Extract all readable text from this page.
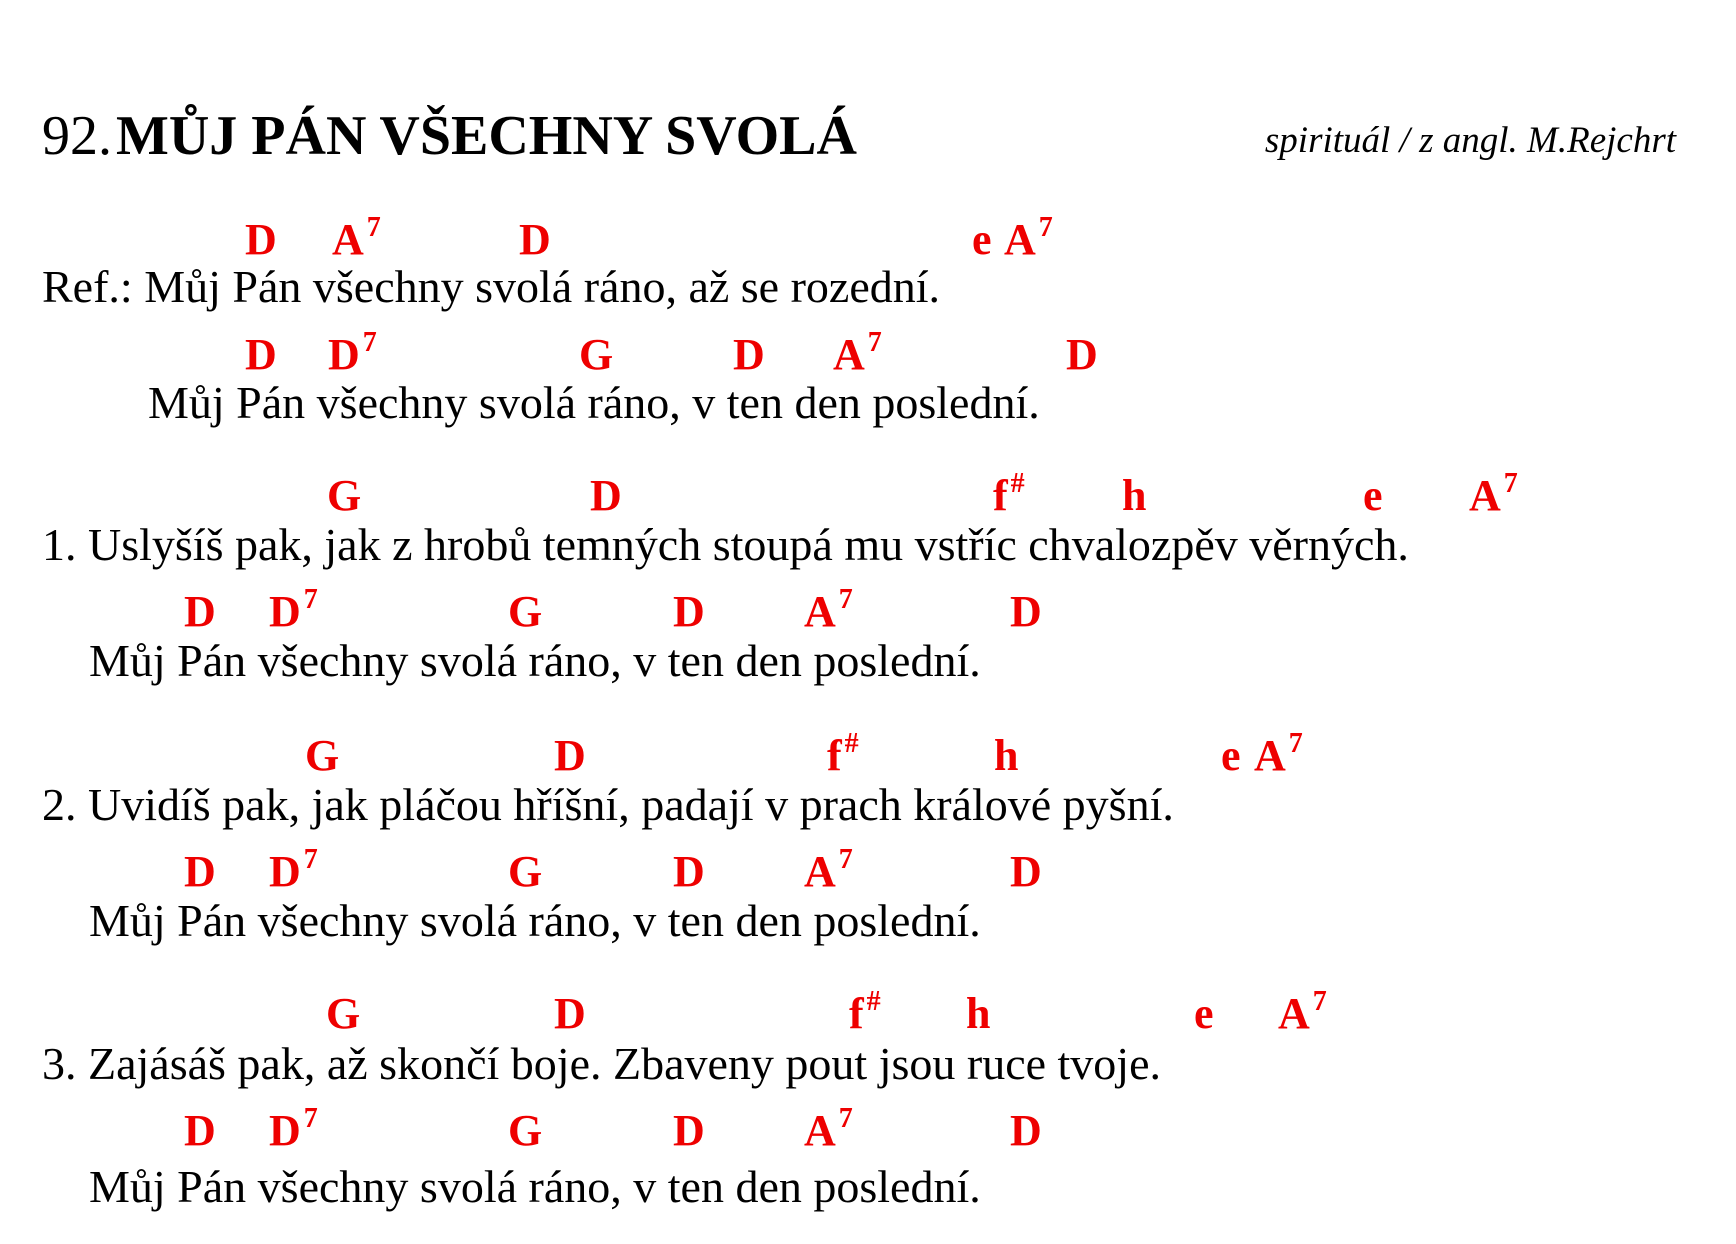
92. MŮJ PÁN VŠECHNY SVOLÁ	spirituál / z angl. M.Rejchrt
D A $^7$	D	e A $^7$
Ref.: Můj Pán všechny svolá ráno, až se rozední.
D D $^7$	G	D A $^7$	D
Můj Pán všechny svolá ráno, v ten den poslední.
G	D	f # h	e A $^7$
1. Uslyšíš pak, jak z hrobů temných stoupá mu vstříc chvalozpěv věrných.
D D $^7$	G	D A $^7$	D
Můj Pán všechny svolá ráno, v ten den poslední.
G	D	f #	h	e A $^7$
2. Uvidíš pak, jak pláčou hříšní, padají v prach králové pyšní.
D D $^7$	G	D A $^7$	D
Můj Pán všechny svolá ráno, v ten den poslední.
G	D	f # h	e A $^7$
3. Zajásáš pak, až skončí boje. Zbaveny pout jsou ruce tvoje.
D D $^7$	G	D A $^7$	D
Můj Pán všechny svolá ráno, v ten den poslední.
